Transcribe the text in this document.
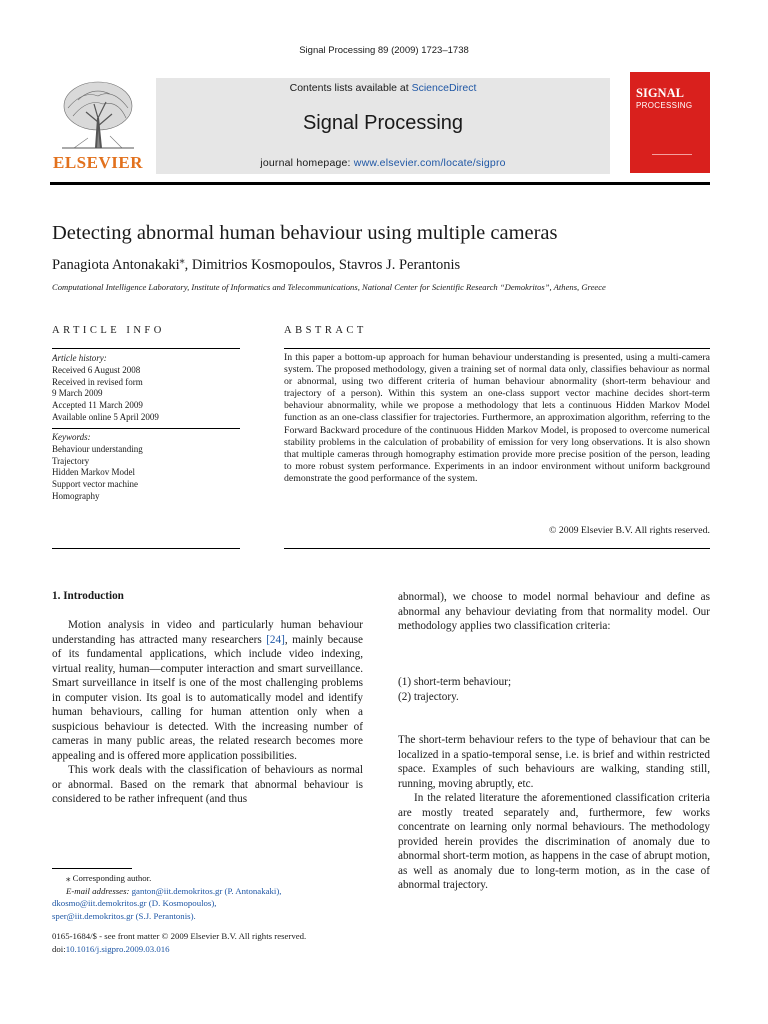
Signal Processing 89 (2009) 1723–1738
ELSEVIER
Contents lists available at ScienceDirect
Signal Processing
journal homepage: www.elsevier.com/locate/sigpro
SIGNAL
PROCESSING
Detecting abnormal human behaviour using multiple cameras
Panagiota Antonakaki⁎, Dimitrios Kosmopoulos, Stavros J. Perantonis
Computational Intelligence Laboratory, Institute of Informatics and Telecommunications, National Center for Scientific Research “Demokritos”, Athens, Greece
ARTICLE INFO	ABSTRACT
Article history:
Received 6 August 2008
Received in revised form
9 March 2009
Accepted 11 March 2009
Available online 5 April 2009
Keywords:
Behaviour understanding
Trajectory
Hidden Markov Model
Support vector machine
Homography
In this paper a bottom-up approach for human behaviour understanding is presented, using a multi-camera system. The proposed methodology, given a training set of normal data only, classifies behaviour as normal or abnormal, using two different criteria of human behaviour abnormality (short-term behaviour and trajectory of a person). Within this system an one-class support vector machine decides short-term behaviour abnormality, while we propose a methodology that lets a continuous Hidden Markov Model function as an one-class classifier for trajectories. Furthermore, an approximation algorithm, referring to the Forward Backward procedure of the continuous Hidden Markov Model, is proposed to overcome numerical stability problems in the calculation of probability of emission for very long observations. It is also shown that multiple cameras through homography estimation provide more precise position of the person, leading to more robust system performance. Experiments in an indoor environment without uniform background demonstrate the good performance of the system.
© 2009 Elsevier B.V. All rights reserved.
1. Introduction

Motion analysis in video and particularly human behaviour understanding has attracted many researchers [24], mainly because of its fundamental applications, which include video indexing, virtual reality, human––computer interaction and smart surveillance. Smart surveillance in itself is one of the most challenging problems in computer vision. Its goal is to automatically model and identify human behaviours, calling for human attention only when a suspicious behaviour is detected. With the increasing number of cameras in many public areas, the related research becomes more appealing and is offered more application possibilities.

This work deals with the classification of behaviours as normal or abnormal. Based on the remark that abnormal behaviour is considered to be rather infrequent (and thus

⁎ Corresponding author.
E-mail addresses: ganton@iit.demokritos.gr (P. Antonakaki),
dkosmo@iit.demokritos.gr (D. Kosmopoulos),
sper@iit.demokritos.gr (S.J. Perantonis).
0165-1684/$ - see front matter © 2009 Elsevier B.V. All rights reserved.
doi:10.1016/j.sigpro.2009.03.016

abnormal), we choose to model normal behaviour and define as abnormal any behaviour deviating from that normality model. Our methodology applies two classification criteria:

(1) short-term behaviour;
(2) trajectory.

The short-term behaviour refers to the type of behaviour that can be localized in a spatio-temporal sense, i.e. is brief and within restricted space. Examples of such behaviours are walking, standing still, running, moving abruptly, etc.

In the related literature the aforementioned classification criteria are mostly treated separately and, furthermore, few works concentrate on learning only normal behaviours. The methodology provided herein provides the discrimination of anomaly due to abnormal short-term motion, as happens in the case of abrupt motion, as well as anomaly due to long-term motion, as in the case of abnormal trajectory.
